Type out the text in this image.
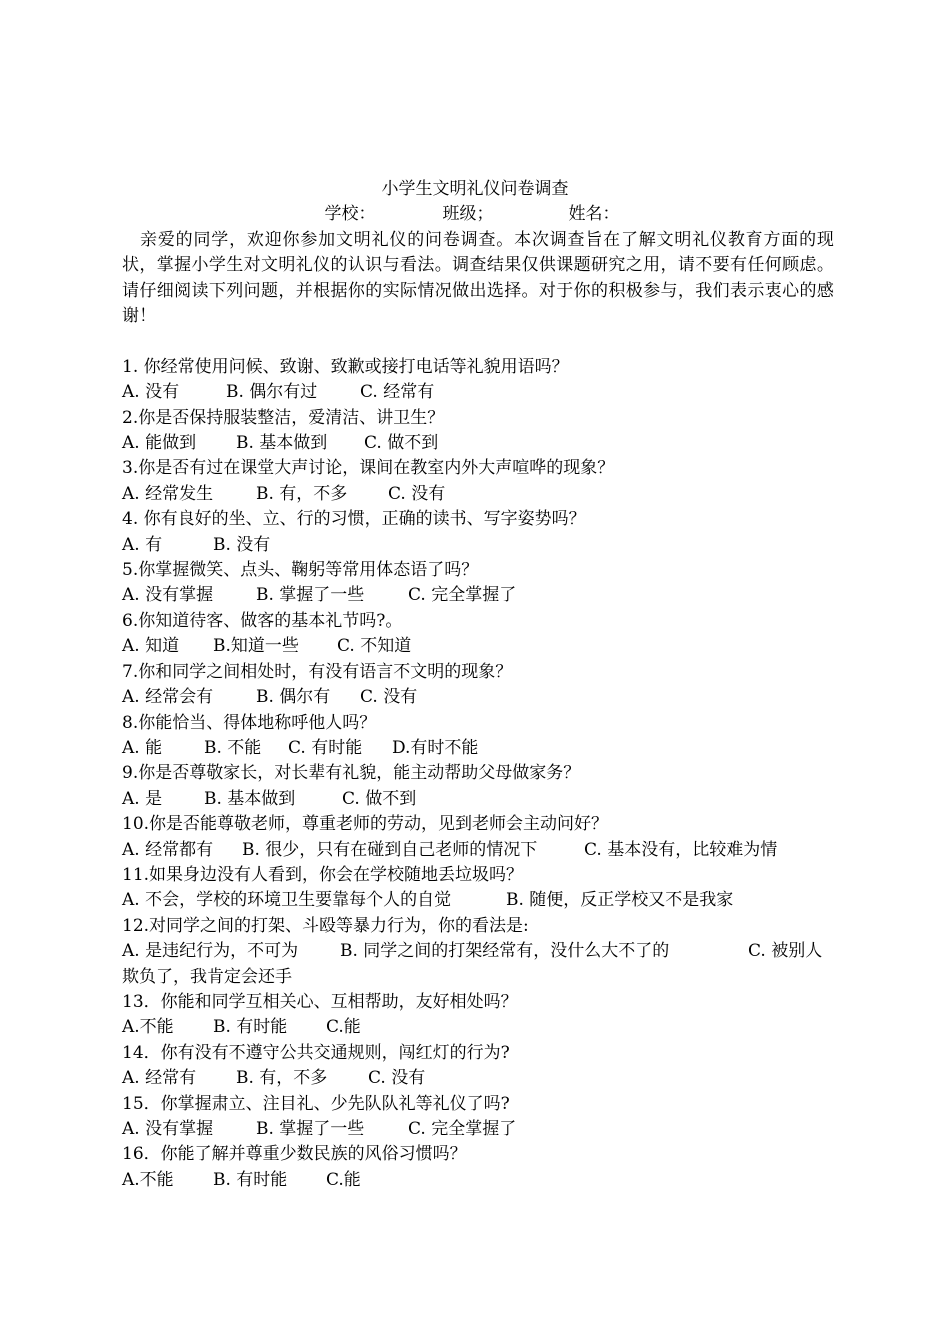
小学生文明礼仪问卷调查
学校：	班级；	姓名：
亲爱的同学，欢迎你参加文明礼仪的问卷调查。本次调查旨在了解文明礼仪教育方面的现状，掌握小学生对文明礼仪的认识与看法。调查结果仅供课题研究之用，请不要有任何顾虑。请仔细阅读下列问题，并根据你的实际情况做出选择。对于你的积极参与，我们表示衷心的感谢！
1. 你经常使用问候、致谢、致歉或接打电话等礼貌用语吗？
A. 没有	B. 偶尔有过	C. 经常有
2.你是否保持服装整洁，爱清洁、讲卫生？
A. 能做到 B. 基本做到 C. 做不到
3.你是否有过在课堂大声讨论，课间在教室内外大声喧哗的现象？
A. 经常发生	B. 有，不多 C. 没有
4. 你有良好的坐、立、行的习惯，正确的读书、写字姿势吗？
A. 有	B. 没有
5.你掌握微笑、点头、鞠躬等常用体态语了吗？
A. 没有掌握	B. 掌握了一些	C. 完全掌握了
6.你知道待客、做客的基本礼节吗?。
A. 知道 B.知道一些 C. 不知道
7.你和同学之间相处时，有没有语言不文明的现象？
A. 经常会有	B. 偶尔有 C. 没有
8.你能恰当、得体地称呼他人吗？
A. 能 B. 不能 C. 有时能 D.有时不能
9.你是否尊敬家长，对长辈有礼貌，能主动帮助父母做家务？
A. 是 B. 基本做到	C. 做不到
10.你是否能尊敬老师，尊重老师的劳动，见到老师会主动问好？
A. 经常都有 B. 很少，只有在碰到自己老师的情况下	C. 基本没有，比较难为情
11.如果身边没有人看到，你会在学校随地丢垃圾吗？
A. 不会，学校的环境卫生要靠每个人的自觉	B. 随便，反正学校又不是我家
12.对同学之间的打架、斗殴等暴力行为，你的看法是:
A. 是违纪行为，不可为 B. 同学之间的打架经常有，没什么大不了的	C. 被别人欺负了，我肯定会还手
13．你能和同学互相关心、互相帮助，友好相处吗？
A.不能 B. 有时能 C.能
14．你有没有不遵守公共交通规则，闯红灯的行为?
A. 经常有 B. 有，不多 C. 没有
15．你掌握肃立、注目礼、少先队队礼等礼仪了吗?
A. 没有掌握	B. 掌握了一些	C. 完全掌握了
16．你能了解并尊重少数民族的风俗习惯吗？
A.不能 B. 有时能 C.能
